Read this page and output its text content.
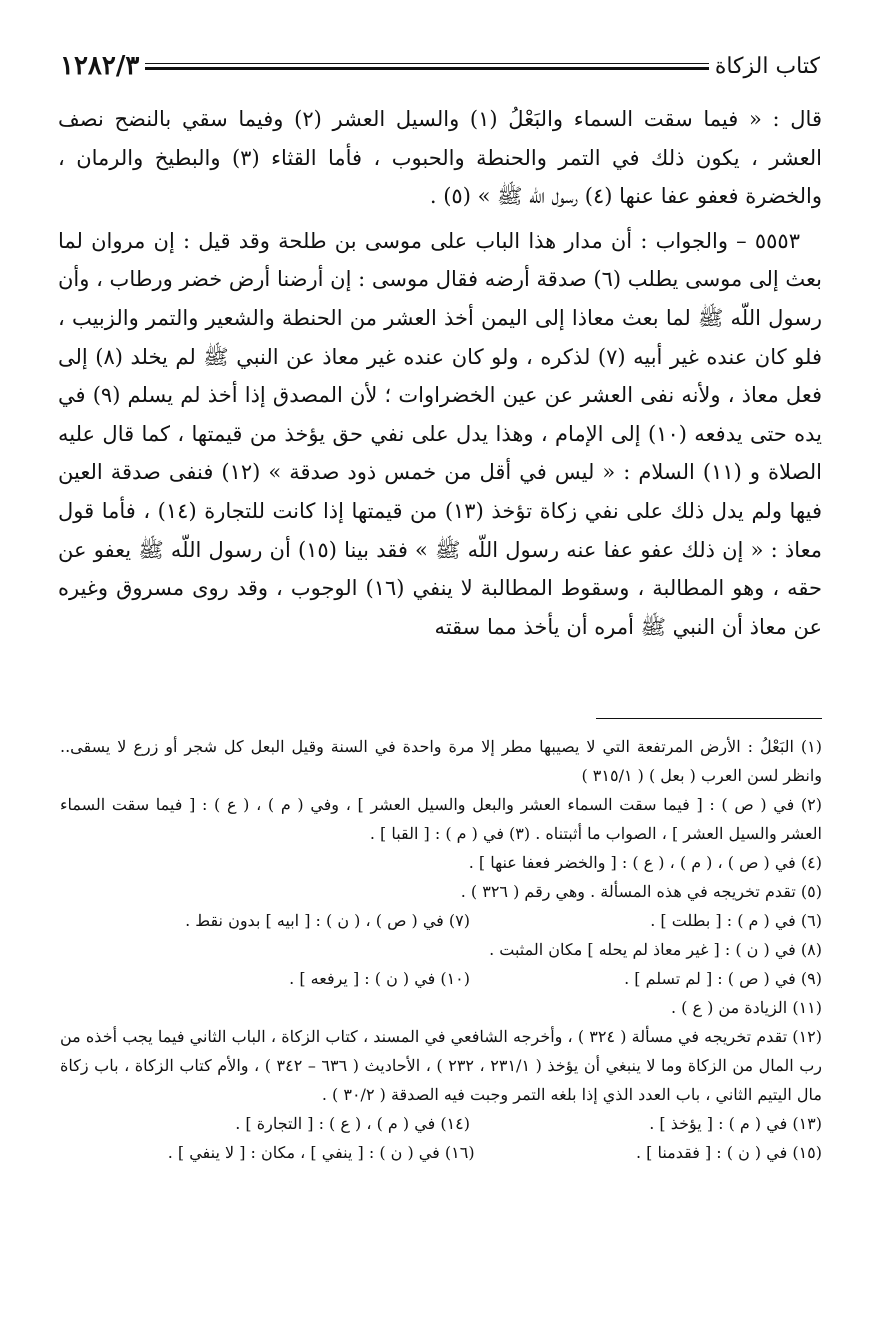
كتاب الزكاة
١٢٨٢/٣

قال : « فيما سقت السماء والبَعْلُ (١) والسيل العشر (٢) وفيما سقي بالنضح نصف العشر ، يكون ذلك في التمر والحنطة والحبوب ، فأما القثاء (٣) والبطيخ والرمان ، والخضرة فعفو عفا عنها (٤) رسول اللّه ﷺ » (٥) .

٥٥٥٣ – والجواب : أن مدار هذا الباب على موسى بن طلحة وقد قيل : إن مروان لما بعث إلى موسى يطلب (٦) صدقة أرضه فقال موسى : إن أرضنا أرض خضر ورطاب ، وأن رسول اللّه ﷺ لما بعث معاذا إلى اليمن أخذ العشر من الحنطة والشعير والتمر والزبيب ، فلو كان عنده غير أبيه (٧) لذكره ، ولو كان عنده غير معاذ عن النبي ﷺ لم يخلد (٨) إلى فعل معاذ ، ولأنه نفى العشر عن عين الخضراوات ؛ لأن المصدق إذا أخذ لم يسلم (٩) في يده حتى يدفعه (١٠) إلى الإمام ، وهذا يدل على نفي حق يؤخذ من قيمتها ، كما قال عليه الصلاة و (١١) السلام : « ليس في أقل من خمس ذود صدقة » (١٢) فنفى صدقة العين فيها ولم يدل ذلك على نفي زكاة تؤخذ (١٣) من قيمتها إذا كانت للتجارة (١٤) ، فأما قول معاذ : « إن ذلك عفو عفا عنه رسول اللّه ﷺ » فقد بينا (١٥) أن رسول اللّه ﷺ يعفو عن حقه ، وهو المطالبة ، وسقوط المطالبة لا ينفي (١٦) الوجوب ، وقد روى مسروق وغيره عن معاذ أن النبي ﷺ أمره أن يأخذ مما سقته

(١) البَعْلُ : الأرض المرتفعة التي لا يصيبها مطر إلا مرة واحدة في السنة وقيل البعل كل شجر أو زرع لا يسقى.. وانظر لسن العرب ( بعل ) ( ٣١٥/١ )

(٢) في ( ص ) : [ فيما سقت السماء العشر والبعل والسيل العشر ] ، وفي ( م ) ، ( ع ) : [ فيما سقت السماء العشر والسيل العشر ] ، الصواب ما أثبتناه . (٣) في ( م ) : [ القبا ] .

(٤) في ( ص ) ، ( م ) ، ( ع ) : [ والخضر فعفا عنها ] .

(٥) تقدم تخريجه في هذه المسألة . وهي رقم ( ٣٢٦ ) .

(٦) في ( م ) : [ بطلت ] .
(٧) في ( ص ) ، ( ن ) : [ ابيه ] بدون نقط .

(٨) في ( ن ) : [ غير معاذ لم يحله ] مكان المثبت .

(٩) في ( ص ) : [ لم تسلم ] .
(١٠) في ( ن ) : [ يرفعه ] .

(١١) الزيادة من ( ع ) .

(١٢) تقدم تخريجه في مسألة ( ٣٢٤ ) ، وأخرجه الشافعي في المسند ، كتاب الزكاة ، الباب الثاني فيما يجب أخذه من رب المال من الزكاة وما لا ينبغي أن يؤخذ ( ٢٣١/١ ، ٢٣٢ ) ، الأحاديث ( ٦٣٦ – ٣٤٢ ) ، والأم كتاب الزكاة ، باب زكاة مال اليتيم الثاني ، باب العدد الذي إذا بلغه التمر وجبت فيه الصدقة ( ٣٠/٢ ) .

(١٣) في ( م ) : [ يؤخذ ] .
(١٤) في ( م ) ، ( ع ) : [ التجارة ] .
(١٥) في ( ن ) : [ فقدمنا ] .
(١٦) في ( ن ) : [ ينفي ] ، مكان : [ لا ينفي ] .
